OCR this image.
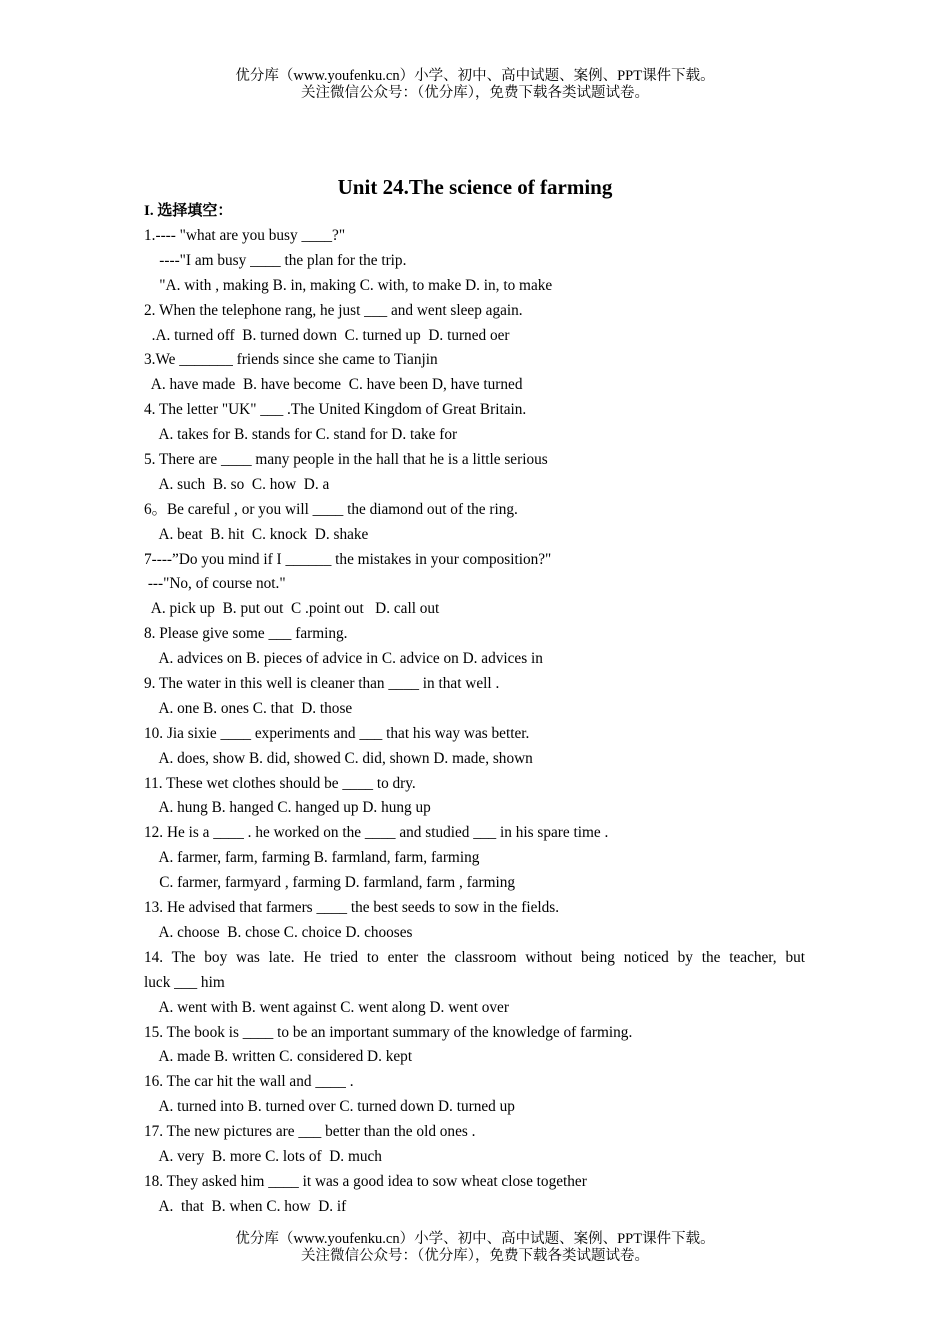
优分库（www.youfenku.cn）小学、初中、高中试题、案例、PPT课件下载。
关注微信公众号：（优分库），免费下载各类试题试卷。
Unit 24.The science of farming
I. 选择填空：
1.---- "what are you busy ____?"
----"I am busy ____ the plan for the trip.
"A. with , making B. in, making C. with, to make D. in, to make
2. When the telephone rang, he just ___ and went sleep again.
.A. turned off  B. turned down  C. turned up  D. turned oer
3.We _______ friends since she came to Tianjin
A. have made  B. have become  C. have been D, have turned
4. The letter "UK" ___ .The United Kingdom of Great Britain.
A. takes for B. stands for C. stand for D. take for
5. There are ____ many people in the hall that he is a little serious
A. such  B. so  C. how  D. a
6。Be careful , or you will ____ the diamond out of the ring.
A. beat  B. hit  C. knock  D. shake
7----”Do you mind if I ______ the mistakes in your composition?"
---"No, of course not."
A. pick up  B. put out  C .point out   D. call out
8. Please give some ___ farming.
A. advices on B. pieces of advice in C. advice on D. advices in
9. The water in this well is cleaner than ____ in that well .
A. one B. ones C. that  D. those
10. Jia sixie ____ experiments and ___ that his way was better.
A. does, show B. did, showed C. did, shown D. made, shown
11. These wet clothes should be ____ to dry.
A. hung B. hanged C. hanged up D. hung up
12. He is a ____ . he worked on the ____ and studied ___ in his spare time .
A. farmer, farm, farming B. farmland, farm, farming
C. farmer, farmyard , farming D. farmland, farm , farming
13. He advised that farmers ____ the best seeds to sow in the fields.
A. choose  B. chose C. choice D. chooses
14. The boy was late. He tried to enter the classroom without being noticed by the teacher, but
luck ___ him
A. went with B. went against C. went along D. went over
15. The book is ____ to be an important summary of the knowledge of farming.
A. made B. written C. considered D. kept
16. The car hit the wall and ____ .
A. turned into B. turned over C. turned down D. turned up
17. The new pictures are ___ better than the old ones .
A. very  B. more C. lots of  D. much
18. They asked him ____ it was a good idea to sow wheat close together
A.  that  B. when C. how  D. if
优分库（www.youfenku.cn）小学、初中、高中试题、案例、PPT课件下载。
关注微信公众号：（优分库），免费下载各类试题试卷。
